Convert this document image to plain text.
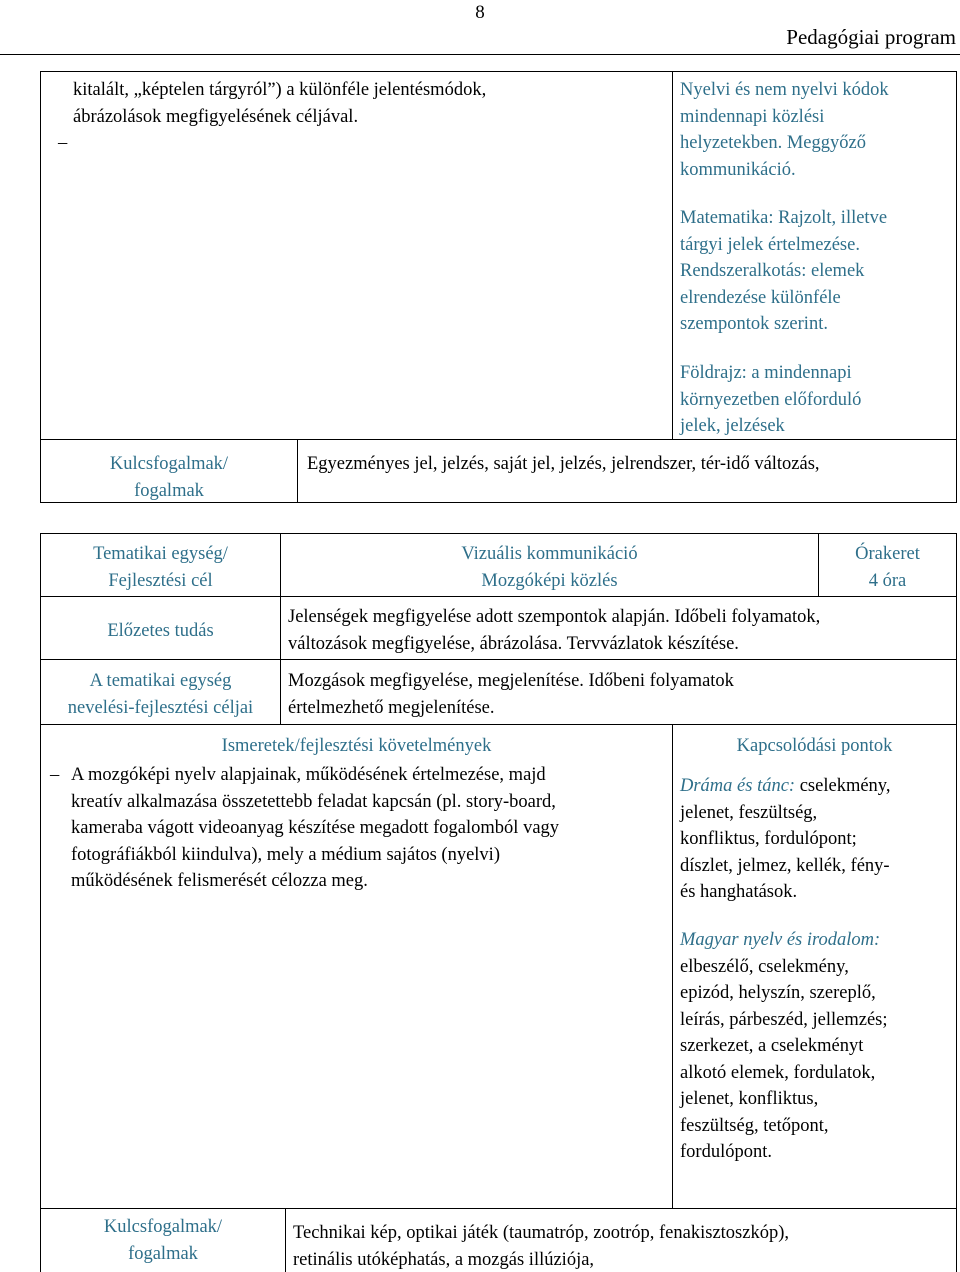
8
Pedagógiai program
kitalált, „képtelen tárgyról”) a különféle jelentésmódok,
ábrázolások megfigyelésének céljával.
–
Nyelvi és nem nyelvi kódok
mindennapi közlési
helyzetekben. Meggyőző
kommunikáció.
Matematika: Rajzolt, illetve
tárgyi jelek értelmezése.
Rendszeralkotás: elemek
elrendezése különféle
szempontok szerint.
Földrajz: a mindennapi
környezetben előforduló
jelek, jelzések
Kulcsfogalmak/
fogalmak
Egyezményes jel, jelzés, saját jel, jelzés, jelrendszer, tér-idő változás,
Tematikai egység/
Fejlesztési cél
Vizuális kommunikáció
Mozgóképi közlés
Órakeret
4 óra
Előzetes tudás
Jelenségek megfigyelése adott szempontok alapján. Időbeli folyamatok,
változások megfigyelése, ábrázolása. Tervvázlatok készítése.
A tematikai egység
nevelési-fejlesztési céljai
Mozgások megfigyelése, megjelenítése. Időbeni folyamatok
értelmezhető megjelenítése.
Ismeretek/fejlesztési követelmények	Kapcsolódási pontok
– A mozgóképi nyelv alapjainak, működésének értelmezése, majd
kreatív alkalmazása összetettebb feladat kapcsán (pl. story-board,
kameraba vágott videoanyag készítése megadott fogalomból vagy
fotográfiákból kiindulva), mely a médium sajátos (nyelvi)
működésének felismerését célozza meg.
Dráma és tánc: cselekmény,
jelenet, feszültség,
konfliktus, fordulópont;
díszlet, jelmez, kellék, fény-
és hanghatások.
Magyar nyelv és irodalom:
elbeszélő, cselekmény,
epizód, helyszín, szereplő,
leírás, párbeszéd, jellemzés;
szerkezet, a cselekményt
alkotó elemek, fordulatok,
jelenet, konfliktus,
feszültség, tetőpont,
fordulópont.
Kulcsfogalmak/
fogalmak
Technikai kép, optikai játék (taumatróp, zootróp, fenakisztoszkóp),
retinális utóképhatás, a mozgás illúziója,
